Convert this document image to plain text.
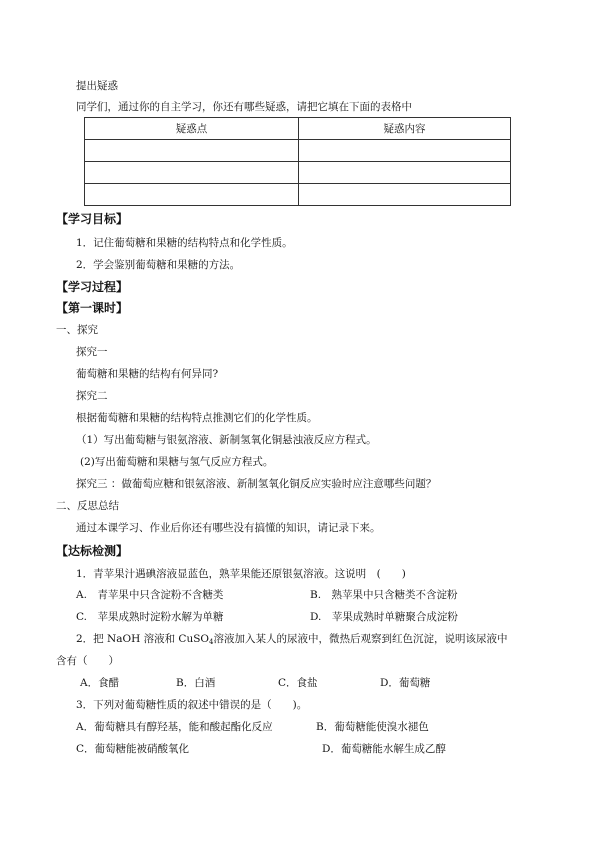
提出疑惑
同学们，通过你的自主学习，你还有哪些疑惑，请把它填在下面的表格中
疑惑点	疑惑内容

【学习目标】
1．记住葡萄糖和果糖的结构特点和化学性质。
2．学会鉴别葡萄糖和果糖的方法。
【学习过程】
【第一课时】
一、探究
探究一
葡萄糖和果糖的结构有何异同?
探究二
根据葡萄糖和果糖的结构特点推测它们的化学性质。
（1）写出葡萄糖与银氨溶液、新制氢氧化铜悬浊液反应方程式。
(2)写出葡萄糖和果糖与氢气反应方程式。
探究三 ：做葡萄应糖和银氨溶液、新制氢氧化铜反应实验时应注意哪些问题？
二、反思总结
通过本课学习、作业后你还有哪些没有搞懂的知识，请记录下来。
【达标检测】
1．青苹果汁遇碘溶液显蓝色，熟苹果能还原银氨溶液。这说明　(　　)
A.　青苹果中只含淀粉不含糖类	B.　熟苹果中只含糖类不含淀粉
C.　苹果成熟时淀粉水解为单糖	D.　苹果成熟时单糖聚合成淀粉
2．把 NaOH 溶液和 CuSO$_4$溶液加入某人的尿液中，微热后观察到红色沉淀，说明该尿液中
含有（　　）
A．食醋	B．白酒	C．食盐	D．葡萄糖
3．下列对葡萄糖性质的叙述中错误的是（　　)。
A．葡萄糖具有醇羟基，能和酸起酯化反应	B．葡萄糖能使溴水褪色
C．葡萄糖能被硝酸氧化	D．葡萄糖能水解生成乙醇
